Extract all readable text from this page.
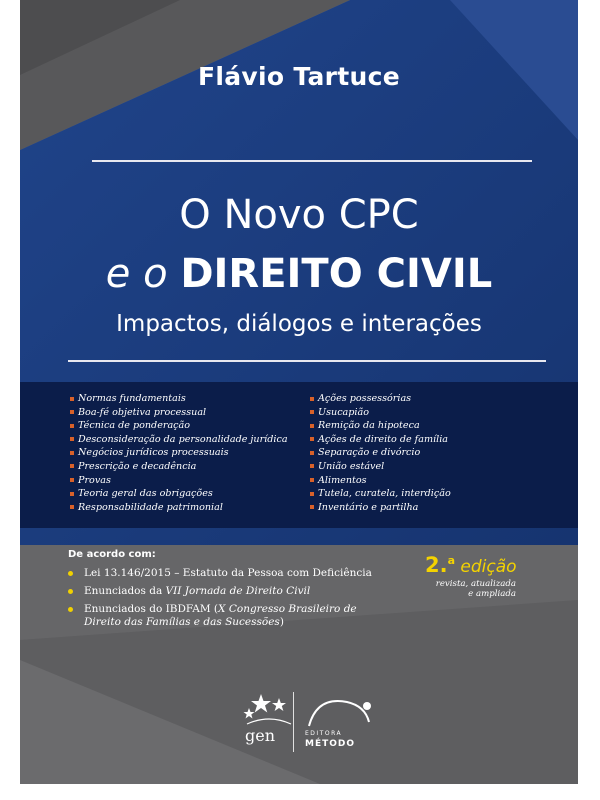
Flávio Tartuce
O Novo CPC
e o DIREITO CIVIL
Impactos, diálogos e interações
Normas fundamentais
Boa-fé objetiva processual
Técnica de ponderação
Desconsideração da personalidade jurídica
Negócios jurídicos processuais
Prescrição e decadência
Provas
Teoria geral das obrigações
Responsabilidade patrimonial
Ações possessórias
Usucapião
Remição da hipoteca
Ações de direito de família
Separação e divórcio
União estável
Alimentos
Tutela, curatela, interdição
Inventário e partilha
De acordo com:
Lei 13.146/2015 – Estatuto da Pessoa com Deficiência
Enunciados da VII Jornada de Direito Civil
Enunciados do IBDFAM (X Congresso Brasileiro de Direito das Famílias e das Sucessões)
2.$^a$ edição
revista, atualizada
e ampliada
gen	EDITORA
MÉTODO
